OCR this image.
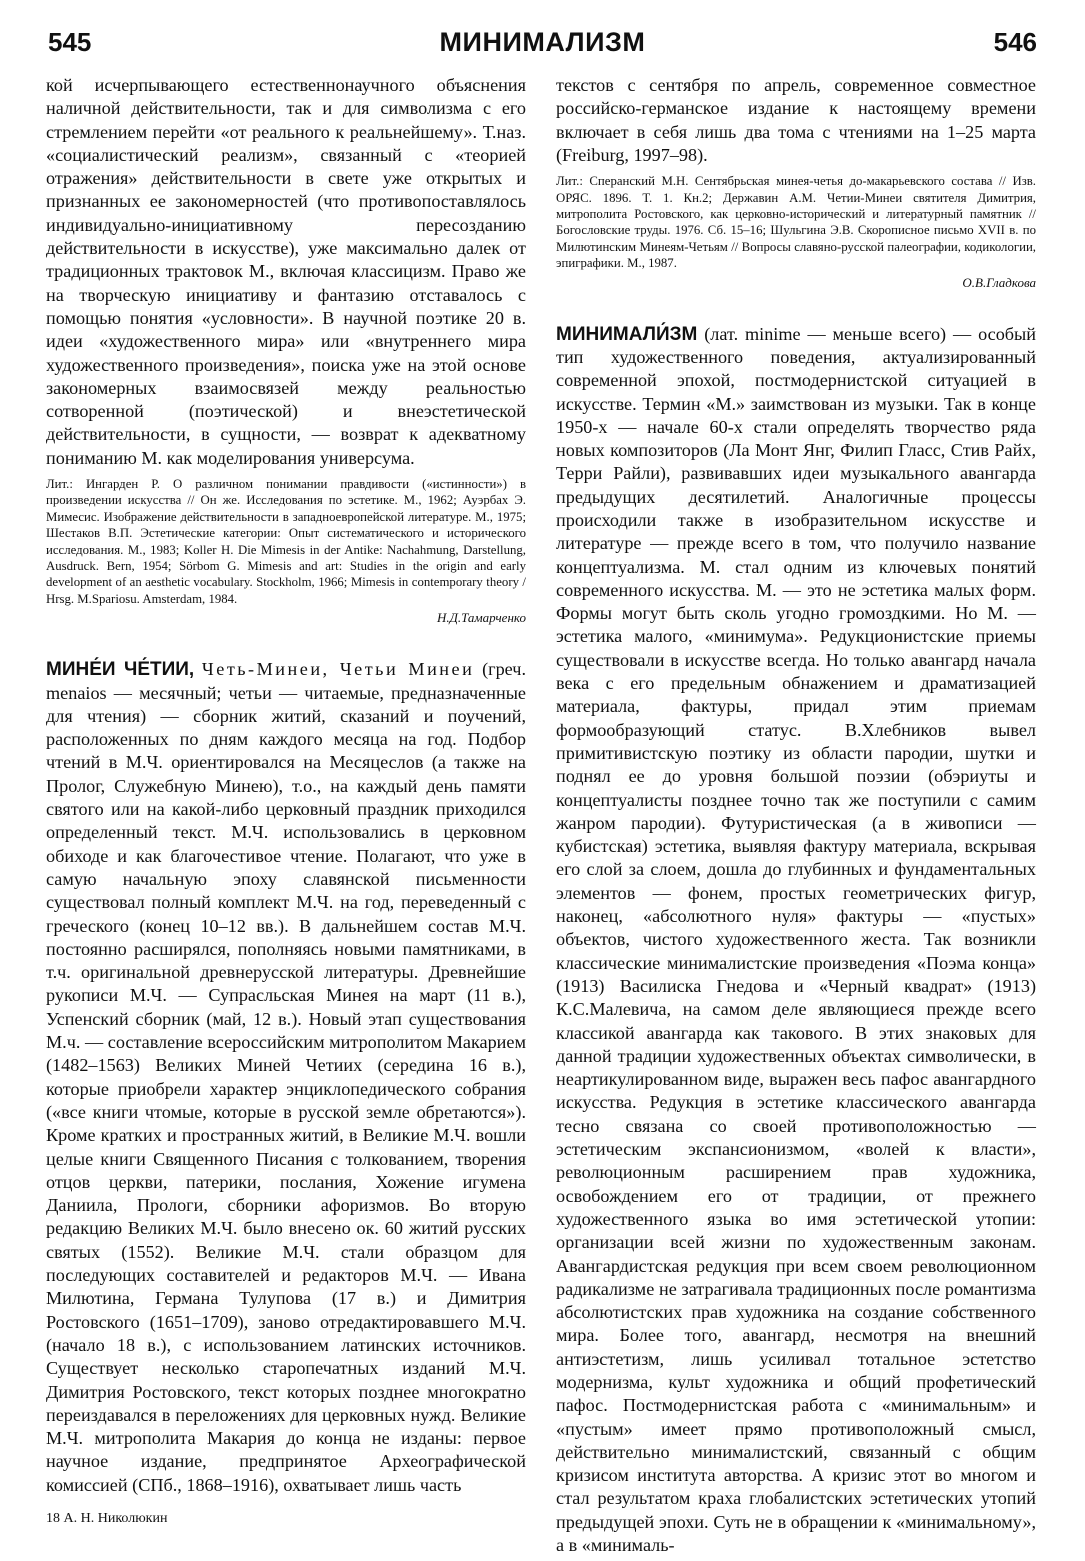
МИНИМАЛИЗМ
545	546

кой исчерпывающего естественнонаучного объяснения наличной действительности, так и для символизма с его стремлением перейти «от реального к реальнейшему». Т.наз. «социалистический реализм», связанный с «теорией отражения» действительности в свете уже открытых и признанных ее закономерностей (что противопоставлялось индивидуально-инициативному пересозданию действительности в искусстве), уже максимально далек от традиционных трактовок М., включая классицизм. Право же на творческую инициативу и фантазию отставалось с помощью понятия «условности». В научной поэтике 20 в. идеи «художественного мира» или «внутреннего мира художественного произведения», поиска уже на этой основе закономерных взаимосвязей между реальностью сотворенной (поэтической) и внеэстетической действительности, в сущности, — возврат к адекватному пониманию М. как моделирования универсума.

Лит.: Ингарден Р. О различном понимании правдивости («истинности») в произведении искусства // Он же. Исследования по эстетике. М., 1962; Ауэрбах Э. Мимесис. Изображение действительности в западноевропейской литературе. М., 1975; Шестаков В.П. Эстетические категории: Опыт систематического и исторического исследования. М., 1983; Koller H. Die Mimesis in der Antike: Nachahmung, Darstellung, Ausdruck. Bern, 1954; Sörbom G. Mimesis and art: Studies in the origin and early development of an aesthetic vocabulary. Stockholm, 1966; Mimesis in contemporary theory / Hrsg. M.Spariosu. Amsterdam, 1984.

Н.Д.Тамарченко

МИНЕ́И ЧЕ́ТИИ, Четь-Минеи, Четьи Минеи (греч. menaios — месячный; четьи — читаемые, предназначенные для чтения) — сборник житий, сказаний и поучений, расположенных по дням каждого месяца на год. Подбор чтений в М.Ч. ориентировался на Месяцеслов (а также на Пролог, Служебную Минею), т.о., на каждый день памяти святого или на какой-либо церковный праздник приходился определенный текст. М.Ч. использовались в церковном обиходе и как благочестивое чтение. Полагают, что уже в самую начальную эпоху славянской письменности существовал полный комплект М.Ч. на год, переведенный с греческого (конец 10–12 вв.). В дальнейшем состав М.Ч. постоянно расширялся, пополняясь новыми памятниками, в т.ч. оригинальной древнерусской литературы. Древнейшие рукописи М.Ч. — Супрасльская Минея на март (11 в.), Успенский сборник (май, 12 в.). Новый этап существования М.ч. — составление всероссийским митрополитом Макарием (1482–1563) Великих Миней Четиих (середина 16 в.), которые приобрели характер энциклопедического собрания («все книги чтомые, которые в русской земле обретаются»). Кроме кратких и пространных житий, в Великие М.Ч. вошли целые книги Священного Писания с толкованием, творения отцов церкви, патерики, послания, Хожение игумена Даниила, Прологи, сборники афоризмов. Во вторую редакцию Великих М.Ч. было внесено ок. 60 житий русских святых (1552). Великие М.Ч. стали образцом для последующих составителей и редакторов М.Ч. — Ивана Милютина, Германа Тулупова (17 в.) и Димитрия Ростовского (1651–1709), заново отредактировавшего М.Ч. (начало 18 в.), с использованием латинских источников. Существует несколько старопечатных изданий М.Ч. Димитрия Ростовского, текст которых позднее многократно переиздавался в переложениях для церковных нужд. Великие М.Ч. митрополита Макария до конца не изданы: первое научное издание, предпринятое Археографической комиссией (СПб., 1868–1916), охватывает лишь часть

текстов с сентября по апрель, современное совместное российско-германское издание к настоящему времени включает в себя лишь два тома с чтениями на 1–25 марта (Freiburg, 1997–98).

Лит.: Сперанский М.Н. Сентябрьская минея-четья до-макарьевского состава // Изв. ОРЯС. 1896. Т. 1. Кн.2; Державин А.М. Четии-Минеи святителя Димитрия, митрополита Ростовского, как церковно-исторический и литературный памятник // Богословские труды. 1976. Сб. 15–16; Шульгина Э.В. Скорописное письмо XVII в. по Милютинским Минеям-Четьям // Вопросы славяно-русской палеографии, кодикологии, эпиграфики. М., 1987.

О.В.Гладкова

МИНИМАЛИ́ЗМ (лат. minime — меньше всего) — особый тип художественного поведения, актуализированный современной эпохой, постмодернистской ситуацией в искусстве. Термин «М.» заимствован из музыки. Так в конце 1950-х — начале 60-х стали определять творчество ряда новых композиторов (Ла Монт Янг, Филип Гласс, Стив Райх, Терри Райли), развивавших идеи музыкального авангарда предыдущих десятилетий. Аналогичные процессы происходили также в изобразительном искусстве и литературе — прежде всего в том, что получило название концептуализма. М. стал одним из ключевых понятий современного искусства. М. — это не эстетика малых форм. Формы могут быть сколь угодно громоздкими. Но М. — эстетика малого, «минимума». Редукционистские приемы существовали в искусстве всегда. Но только авангард начала века с его предельным обнажением и драматизацией материала, фактуры, придал этим приемам формообразующий статус. В.Хлебников вывел примитивистскую поэтику из области пародии, шутки и поднял ее до уровня большой поэзии (обэриуты и концептуалисты позднее точно так же поступили с самим жанром пародии). Футуристическая (а в живописи — кубистская) эстетика, выявляя фактуру материала, вскрывая его слой за слоем, дошла до глубинных и фундаментальных элементов — фонем, простых геометрических фигур, наконец, «абсолютного нуля» фактуры — «пустых» объектов, чистого художественного жеста. Так возникли классические минималистские произведения «Поэма конца» (1913) Василиска Гнедова и «Черный квадрат» (1913) К.С.Малевича, на самом деле являющиеся прежде всего классикой авангарда как такового. В этих знаковых для данной традиции художественных объектах символически, в неартикулированном виде, выражен весь пафос авангардного искусства. Редукция в эстетике классического авангарда тесно связана со своей противоположностью — эстетическим экспансионизмом, «волей к власти», революционным расширением прав художника, освобождением его от традиции, от прежнего художественного языка во имя эстетической утопии: организации всей жизни по художественным законам. Авангардистская редукция при всем своем революционном радикализме не затрагивала традиционных после романтизма абсолютистских прав художника на создание собственного мира. Более того, авангард, несмотря на внешний антиэстетизм, лишь усиливал тотальное эстетство модернизма, культ художника и общий профетический пафос. Постмодернистская работа с «минимальным» и «пустым» имеет прямо противоположный смысл, действительно минималистский, связанный с общим кризисом института авторства. А кризис этот во многом и стал результатом краха глобалистских эстетических утопий предыдущей эпохи. Суть не в обращении к «минимальному», а в «минималь-

18 А. Н. Николюкин
